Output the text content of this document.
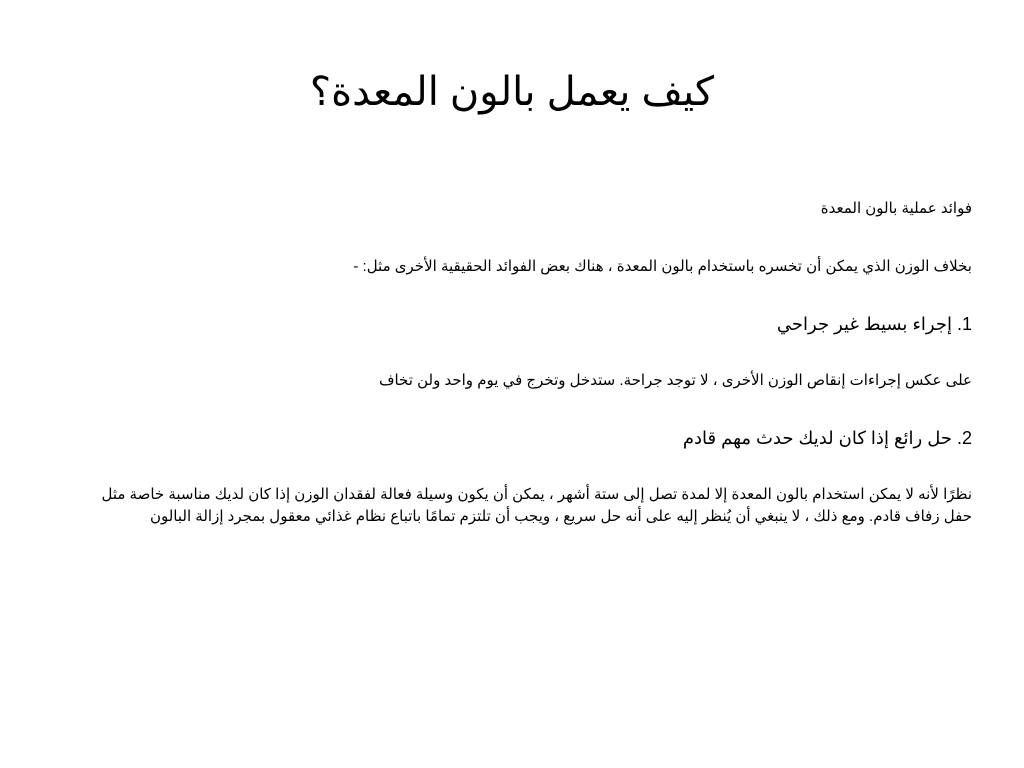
كيف يعمل بالون المعدة؟

فوائد عملية بالون المعدة

بخلاف الوزن الذي يمكن أن تخسره باستخدام بالون المعدة ، هناك بعض الفوائد الحقيقية الأخرى مثل: -

1. إجراء بسيط غير جراحي

على عكس إجراءات إنقاص الوزن الأخرى ، لا توجد جراحة. ستدخل وتخرج في يوم واحد ولن تخاف

2. حل رائع إذا كان لديك حدث مهم قادم

نظرًا لأنه لا يمكن استخدام بالون المعدة إلا لمدة تصل إلى ستة أشهر ، يمكن أن يكون وسيلة فعالة لفقدان الوزن إذا كان لديك مناسبة خاصة مثل حفل زفاف قادم. ومع ذلك ، لا ينبغي أن يُنظر إليه على أنه حل سريع ، ويجب أن تلتزم تمامًا باتباع نظام غذائي معقول بمجرد إزالة البالون
